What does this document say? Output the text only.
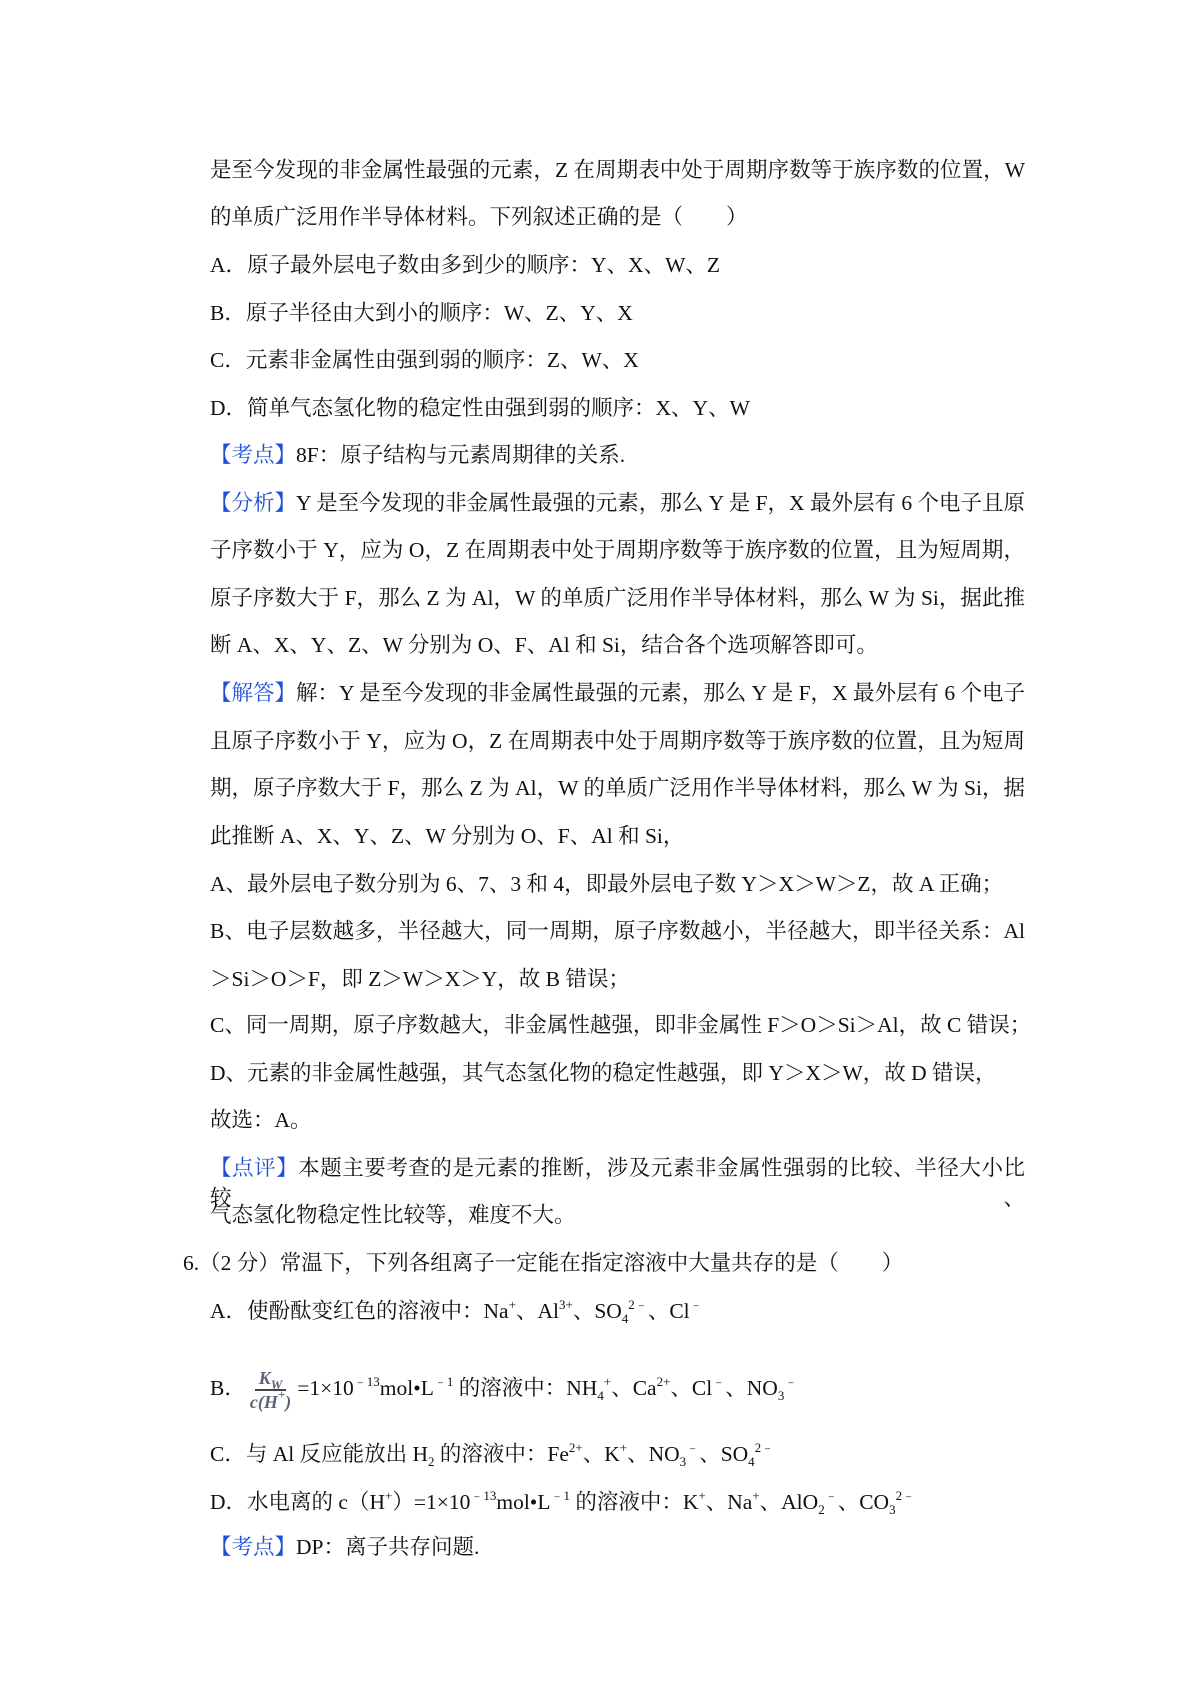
是至今发现的非金属性最强的元素，Z 在周期表中处于周期序数等于族序数的位置，W
的单质广泛用作半导体材料。下列叙述正确的是（　　）
A．原子最外层电子数由多到少的顺序：Y、X、W、Z
B．原子半径由大到小的顺序：W、Z、Y、X
C．元素非金属性由强到弱的顺序：Z、W、X
D．简单气态氢化物的稳定性由强到弱的顺序：X、Y、W
【考点】8F：原子结构与元素周期律的关系.
【分析】Y 是至今发现的非金属性最强的元素，那么 Y 是 F，X 最外层有 6 个电子且原
子序数小于 Y，应为 O，Z 在周期表中处于周期序数等于族序数的位置，且为短周期，
原子序数大于 F，那么 Z 为 Al，W 的单质广泛用作半导体材料，那么 W 为 Si，据此推
断 A、X、Y、Z、W 分别为 O、F、Al 和 Si，结合各个选项解答即可。
【解答】解：Y 是至今发现的非金属性最强的元素，那么 Y 是 F，X 最外层有 6 个电子
且原子序数小于 Y，应为 O，Z 在周期表中处于周期序数等于族序数的位置，且为短周
期，原子序数大于 F，那么 Z 为 Al，W 的单质广泛用作半导体材料，那么 W 为 Si，据
此推断 A、X、Y、Z、W 分别为 O、F、Al 和 Si，
A、最外层电子数分别为 6、7、3 和 4，即最外层电子数 Y＞X＞W＞Z，故 A 正确；
B、电子层数越多，半径越大，同一周期，原子序数越小，半径越大，即半径关系：Al
＞Si＞O＞F，即 Z＞W＞X＞Y，故 B 错误；
C、同一周期，原子序数越大，非金属性越强，即非金属性 F＞O＞Si＞Al，故 C 错误；
D、元素的非金属性越强，其气态氢化物的稳定性越强，即 Y＞X＞W，故 D 错误，
故选：A。
【点评】本题主要考查的是元素的推断，涉及元素非金属性强弱的比较、半径大小比较、
气态氢化物稳定性比较等，难度不大。
6.（2 分）常温下，下列各组离子一定能在指定溶液中大量共存的是（　　）
A．使酚酞变红色的溶液中：Na+、$Al^{3+}$、$SO_4^{2﹣}$、Cl﹣
B． $\frac{K_W}{c(H^+)}$ $=1\times 10^{﹣13}mol•L^{﹣1}$ 的溶液中：$NH_4^+$、$Ca^{2+}$、Cl﹣、$NO_3^﹣$
C．与 Al 反应能放出 $H_2$ 的溶液中：$Fe^{2+}$、K+、$NO_3^﹣$、$SO_4^{2﹣}$
D．水电离的 $c(H^+)=1\times 10^{﹣13}mol•L^{﹣1}$ 的溶液中：K+、Na+、AlO$_2$﹣、$CO_3^{2﹣}$
【考点】DP：离子共存问题.
